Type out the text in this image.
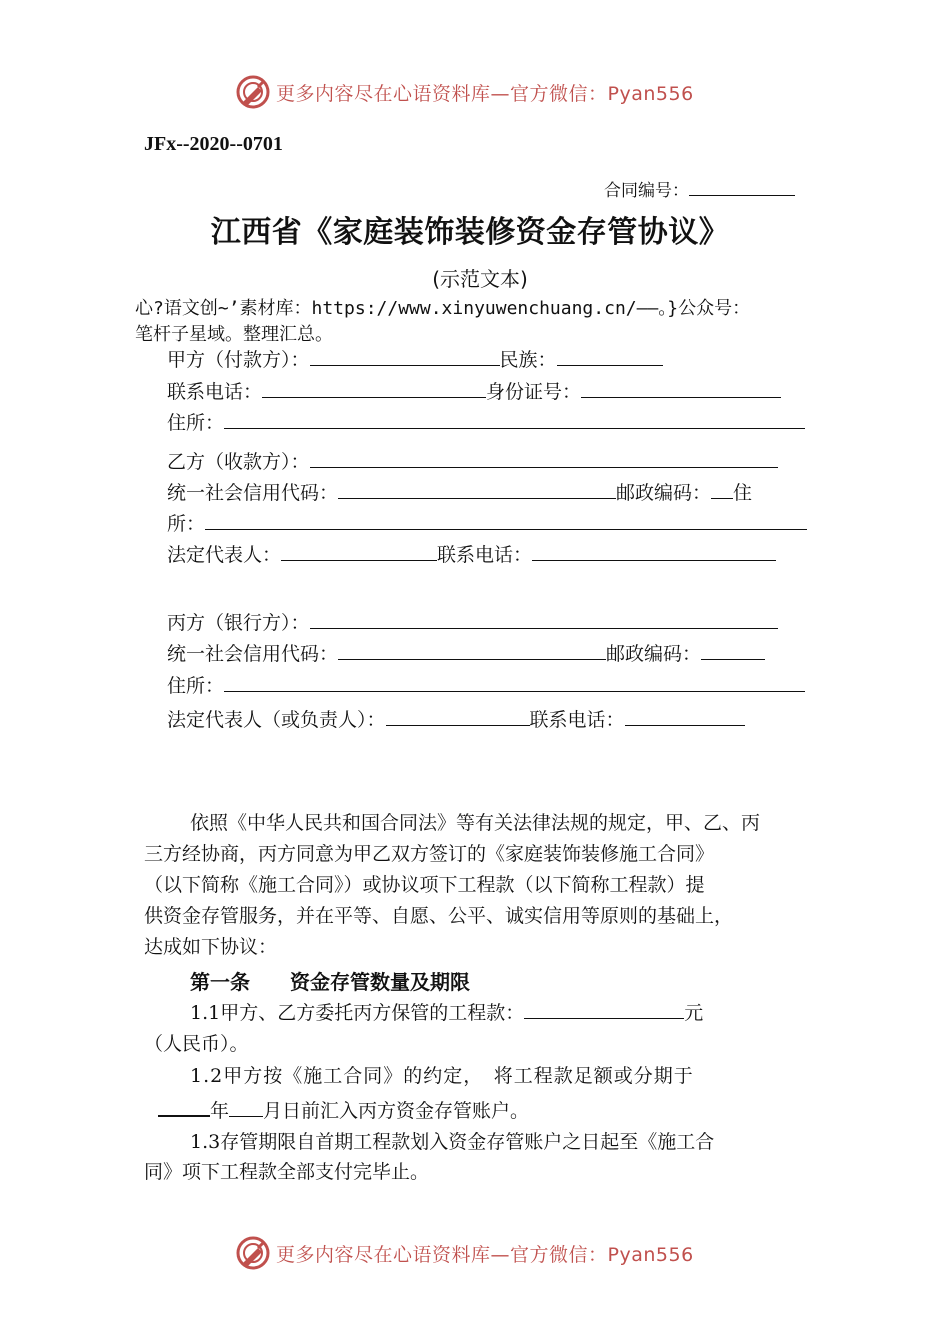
更多内容尽在心语资料库—官方微信：Pyan556
JFx--2020--0701
合同编号：
江西省《家庭装饰装修资金存管协议》
(示范文本)
心?语文创~’素材库：https://www.xinyuwenchuang.cn/——。}公众号：
笔杆子星域。整理汇总。
甲方（付款方）：	民族：
联系电话：	身份证号：
住所：
乙方（收款方）：
统一社会信用代码：	邮政编码： 住
所：
法定代表人：	联系电话：
丙方（银行方）：
统一社会信用代码：	邮政编码：
住所：
法定代表人（或负责人）：	联系电话：
依照《中华人民共和国合同法》等有关法律法规的规定，甲、乙、丙
三方经协商，丙方同意为甲乙双方签订的《家庭装饰装修施工合同》
（以下简称《施工合同》）或协议项下工程款（以下简称工程款）提
供资金存管服务，并在平等、自愿、公平、诚实信用等原则的基础上，
达成如下协议：
第一条　　资金存管数量及期限
1.1甲方、乙方委托丙方保管的工程款：	元
（人民币）。
1.2甲方按《施工合同》的约定，　将工程款足额或分期于
年 月日前汇入丙方资金存管账户。
1.3存管期限自首期工程款划入资金存管账户之日起至《施工合
同》项下工程款全部支付完毕止。
更多内容尽在心语资料库—官方微信：Pyan556
